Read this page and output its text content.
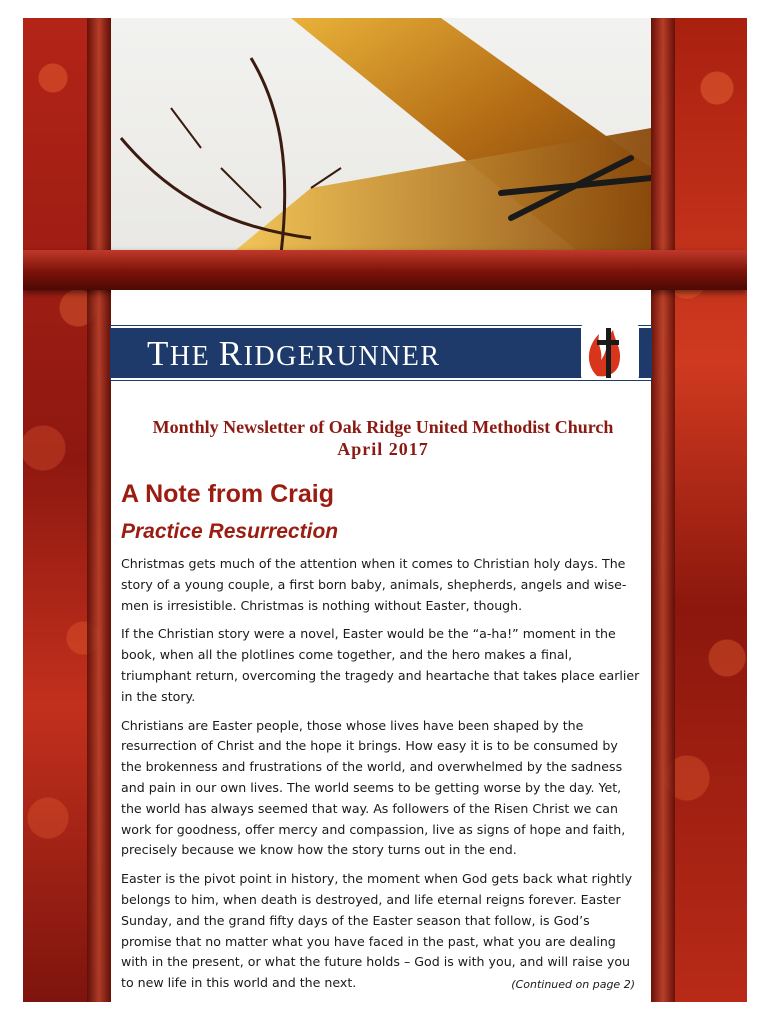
THE RIDGERUNNER
Monthly Newsletter of Oak Ridge United Methodist Church
April 2017
A Note from Craig
Practice Resurrection

Christmas gets much of the attention when it comes to Christian holy days. The story of a young couple, a first born baby, animals, shepherds, angels and wise-men is irresistible. Christmas is nothing without Easter, though.

If the Christian story were a novel, Easter would be the “a-ha!” moment in the book, when all the plotlines come together, and the hero makes a final, triumphant return, overcoming the tragedy and heartache that takes place earlier in the story.

Christians are Easter people, those whose lives have been shaped by the resurrection of Christ and the hope it brings. How easy it is to be consumed by the brokenness and frustrations of the world, and overwhelmed by the sadness and pain in our own lives. The world seems to be getting worse by the day. Yet, the world has always seemed that way. As followers of the Risen Christ we can work for goodness, offer mercy and compassion, live as signs of hope and faith, precisely because we know how the story turns out in the end.

Easter is the pivot point in history, the moment when God gets back what rightly belongs to him, when death is destroyed, and life eternal reigns forever. Easter Sunday, and the grand fifty days of the Easter season that follow, is God’s promise that no matter what you have faced in the past, what you are dealing with in the present, or what the future holds – God is with you, and will raise you to new life in this world and the next.	(Continued on page 2)
